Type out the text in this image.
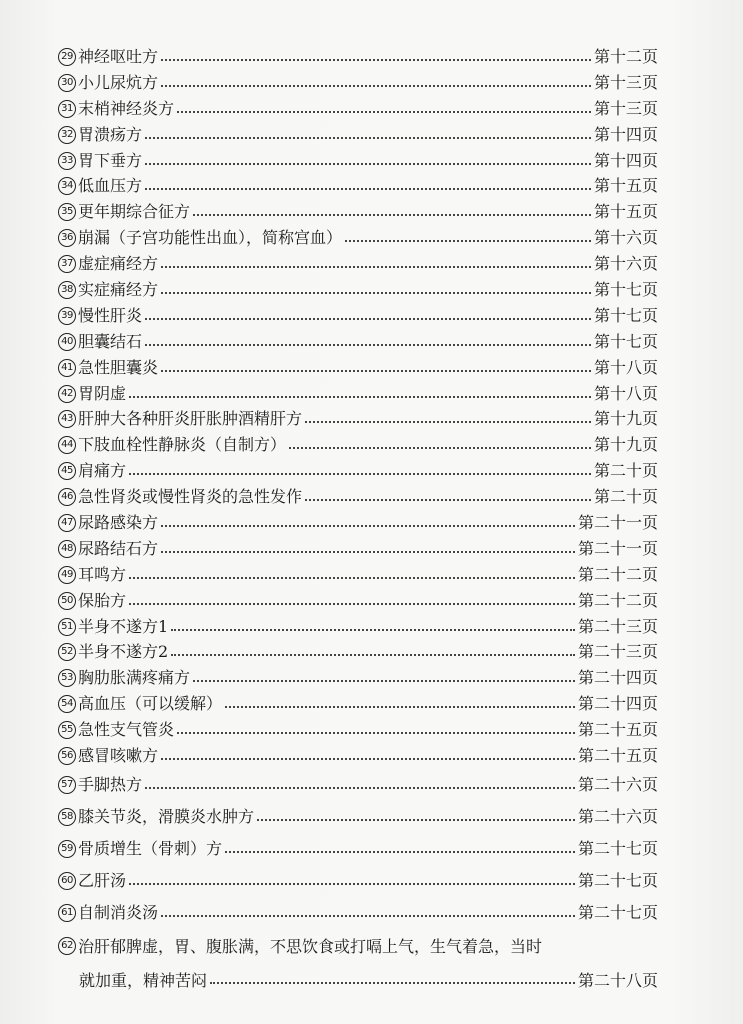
29 神经呕吐方	第十二页
30 小儿尿炕方	第十三页
31 末梢神经炎方	第十三页
32 胃溃疡方	第十四页
33 胃下垂方	第十四页
34 低血压方	第十五页
35 更年期综合征方	第十五页
36 崩漏（子宫功能性出血），简称宫血）	第十六页
37 虚症痛经方	第十六页
38 实症痛经方	第十七页
39 慢性肝炎	第十七页
40 胆囊结石	第十七页
41 急性胆囊炎	第十八页
42 胃阴虚	第十八页
43 肝肿大各种肝炎肝胀肿酒精肝方	第十九页
44 下肢血栓性静脉炎（自制方）	第十九页
45 肩痛方	第二十页
46 急性肾炎或慢性肾炎的急性发作	第二十页
47 尿路感染方	第二十一页
48 尿路结石方	第二十一页
49 耳鸣方	第二十二页
50 保胎方	第二十二页
51 半身不遂方1	第二十三页
52 半身不遂方2	第二十三页
53 胸肋胀满疼痛方	第二十四页
54 高血压（可以缓解）	第二十四页
55 急性支气管炎	第二十五页
56 感冒咳嗽方	第二十五页
57 手脚热方	第二十六页
58 膝关节炎，滑膜炎水肿方	第二十六页
59 骨质增生（骨刺）方	第二十七页
60 乙肝汤	第二十七页
61 自制消炎汤	第二十七页
62 治肝郁脾虚，胃、腹胀满，不思饮食或打嗝上气，生气着急，当时
就加重，精神苦闷	第二十八页
